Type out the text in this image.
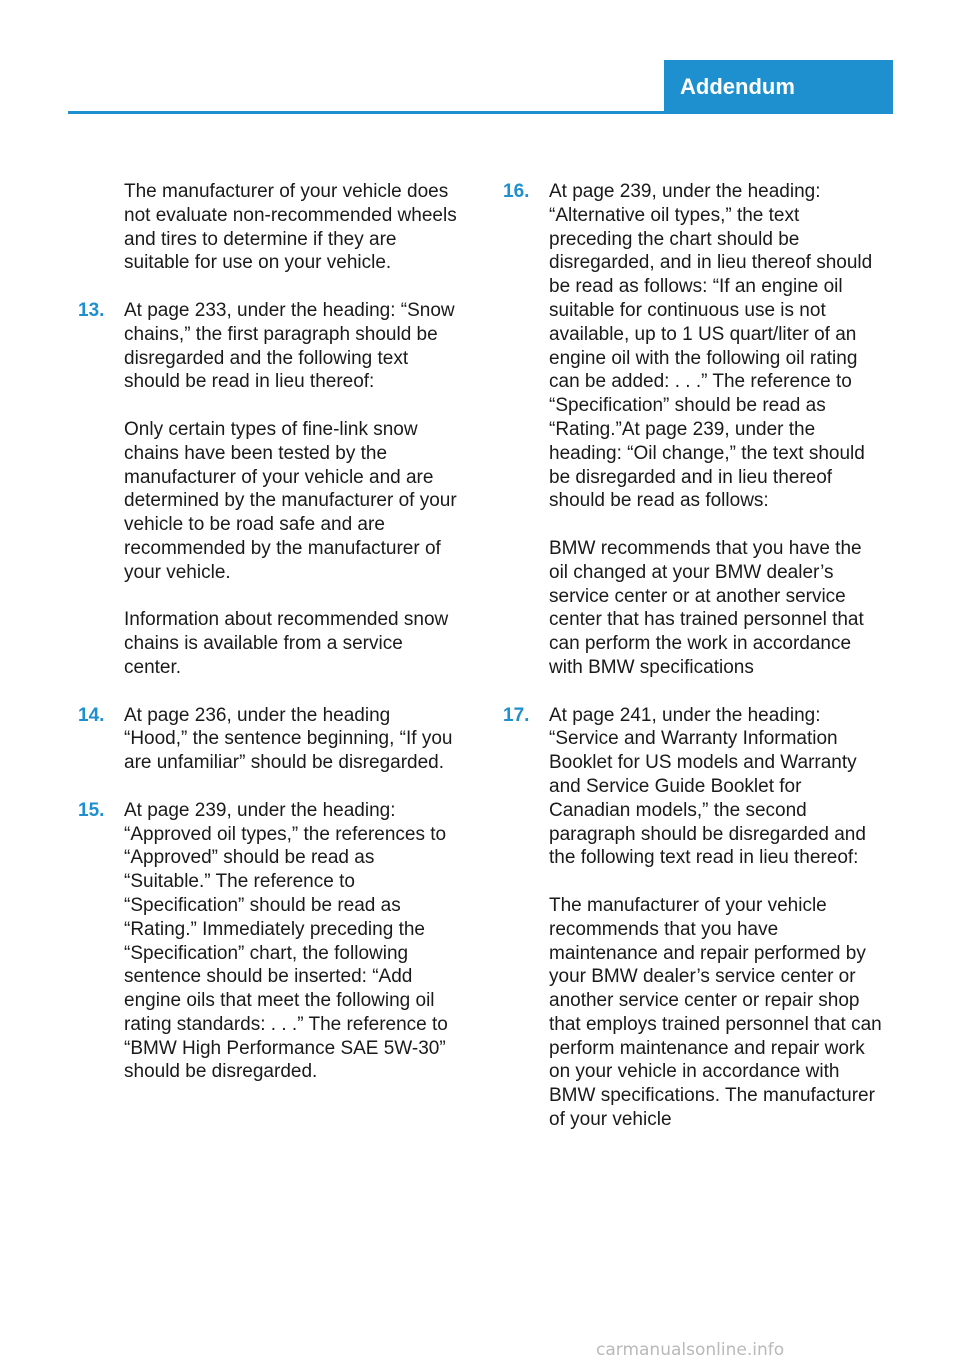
Addendum

The manufacturer of your vehicle does not evaluate non-recommended wheels and tires to determine if they are suitable for use on your vehicle.

13. At page 233, under the heading: “Snow chains,” the first paragraph should be disregarded and the following text should be read in lieu thereof:

Only certain types of fine-link snow chains have been tested by the manufacturer of your vehicle and are determined by the manufacturer of your vehicle to be road safe and are recommended by the manufacturer of your vehicle.

Information about recommended snow chains is available from a service center.

14. At page 236, under the heading “Hood,” the sentence beginning, “If you are unfamiliar” should be disregarded.
15. At page 239, under the heading: “Approved oil types,” the references to “Approved” should be read as “Suitable.” The reference to “Specification” should be read as “Rating.” Immediately preceding the “Specification” chart, the following sentence should be inserted: “Add engine oils that meet the following oil rating standards: . . .” The reference to “BMW High Performance SAE 5W-30” should be disregarded.
16. At page 239, under the heading: “Alternative oil types,” the text preceding the chart should be disregarded, and in lieu thereof should be read as follows: “If an engine oil suitable for continuous use is not available, up to 1 US quart/liter of an engine oil with the following oil rating can be added: . . .” The reference to “Specification” should be read as “Rating.”At page 239, under the heading: “Oil change,” the text should be disregarded and in lieu thereof should be read as follows:

BMW recommends that you have the oil changed at your BMW dealer’s service center or at another service center that has trained personnel that can perform the work in accordance with BMW specifications

17. At page 241, under the heading: “Service and Warranty Information Booklet for US models and Warranty and Service Guide Booklet for Canadian models,” the second paragraph should be disregarded and the following text read in lieu thereof:

The manufacturer of your vehicle recommends that you have maintenance and repair performed by your BMW dealer’s service center or another service center or repair shop that employs trained personnel that can perform maintenance and repair work on your vehicle in accordance with BMW specifications. The manufacturer of your vehicle

carmanualsonline.info
